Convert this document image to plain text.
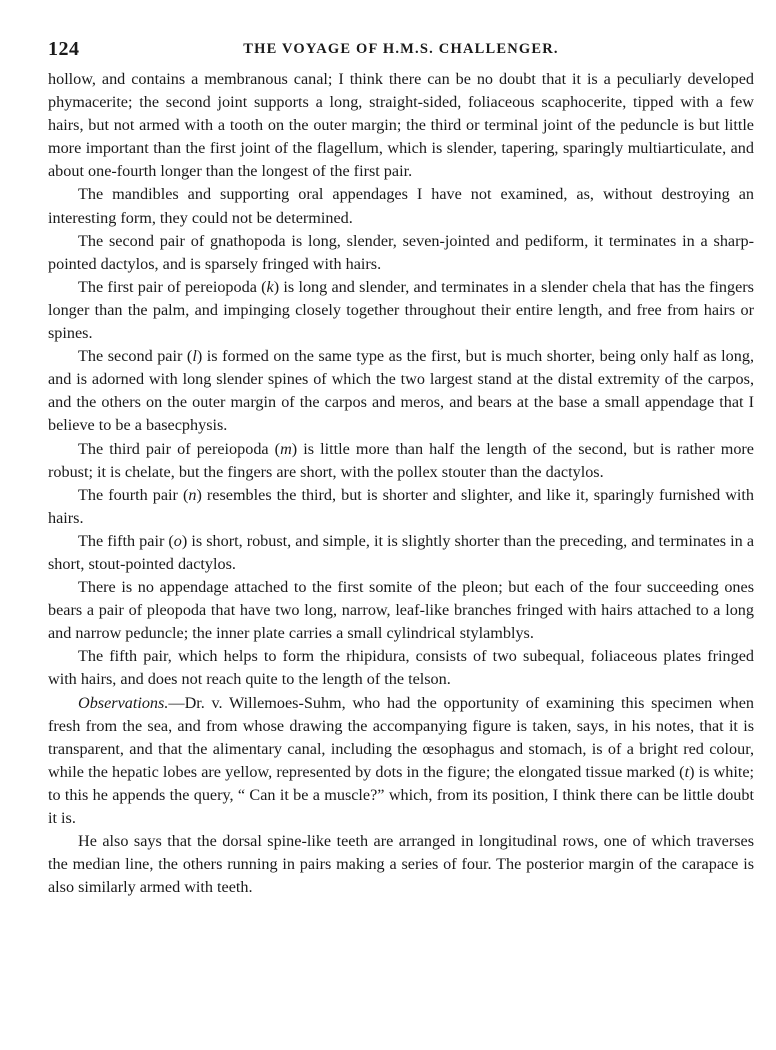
124	THE VOYAGE OF H.M.S. CHALLENGER.

hollow, and contains a membranous canal; I think there can be no doubt that it is a peculiarly developed phymacerite; the second joint supports a long, straight-sided, foliaceous scaphocerite, tipped with a few hairs, but not armed with a tooth on the outer margin; the third or terminal joint of the peduncle is but little more important than the first joint of the flagellum, which is slender, tapering, sparingly multiarticulate, and about one-fourth longer than the longest of the first pair.

The mandibles and supporting oral appendages I have not examined, as, without destroying an interesting form, they could not be determined.

The second pair of gnathopoda is long, slender, seven-jointed and pediform, it terminates in a sharp-pointed dactylos, and is sparsely fringed with hairs.

The first pair of pereiopoda (k) is long and slender, and terminates in a slender chela that has the fingers longer than the palm, and impinging closely together throughout their entire length, and free from hairs or spines.

The second pair (l) is formed on the same type as the first, but is much shorter, being only half as long, and is adorned with long slender spines of which the two largest stand at the distal extremity of the carpos, and the others on the outer margin of the carpos and meros, and bears at the base a small appendage that I believe to be a basecphysis.

The third pair of pereiopoda (m) is little more than half the length of the second, but is rather more robust; it is chelate, but the fingers are short, with the pollex stouter than the dactylos.

The fourth pair (n) resembles the third, but is shorter and slighter, and like it, sparingly furnished with hairs.

The fifth pair (o) is short, robust, and simple, it is slightly shorter than the preceding, and terminates in a short, stout-pointed dactylos.

There is no appendage attached to the first somite of the pleon; but each of the four succeeding ones bears a pair of pleopoda that have two long, narrow, leaf-like branches fringed with hairs attached to a long and narrow peduncle; the inner plate carries a small cylindrical stylamblys.

The fifth pair, which helps to form the rhipidura, consists of two subequal, foliaceous plates fringed with hairs, and does not reach quite to the length of the telson.

Observations.—Dr. v. Willemoes-Suhm, who had the opportunity of examining this specimen when fresh from the sea, and from whose drawing the accompanying figure is taken, says, in his notes, that it is transparent, and that the alimentary canal, including the œsophagus and stomach, is of a bright red colour, while the hepatic lobes are yellow, represented by dots in the figure; the elongated tissue marked (t) is white; to this he appends the query, “ Can it be a muscle?” which, from its position, I think there can be little doubt it is.

He also says that the dorsal spine-like teeth are arranged in longitudinal rows, one of which traverses the median line, the others running in pairs making a series of four. The posterior margin of the carapace is also similarly armed with teeth.
